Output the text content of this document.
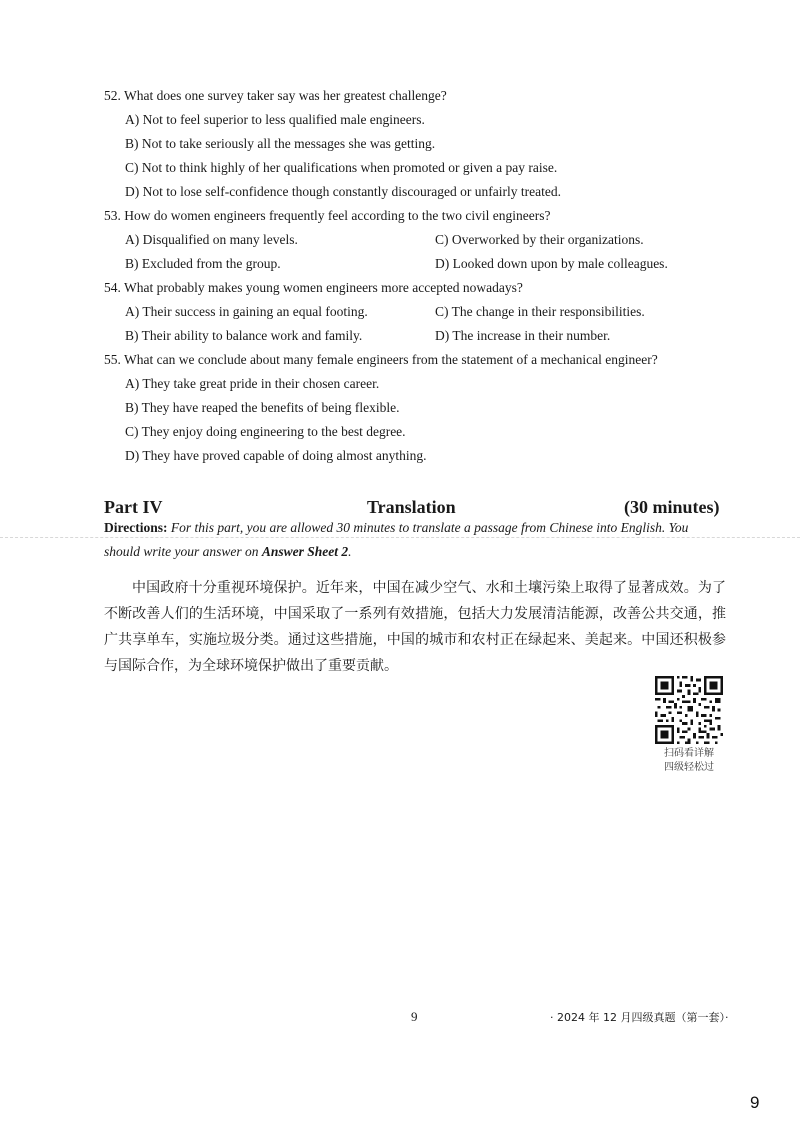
52. What does one survey taker say was her greatest challenge?
A) Not to feel superior to less qualified male engineers.
B) Not to take seriously all the messages she was getting.
C) Not to think highly of her qualifications when promoted or given a pay raise.
D) Not to lose self-confidence though constantly discouraged or unfairly treated.
53. How do women engineers frequently feel according to the two civil engineers?
A) Disqualified on many levels.	C) Overworked by their organizations.
B) Excluded from the group.	D) Looked down upon by male colleagues.
54. What probably makes young women engineers more accepted nowadays?
A) Their success in gaining an equal footing.	C) The change in their responsibilities.
B) Their ability to balance work and family.	D) The increase in their number.
55. What can we conclude about many female engineers from the statement of a mechanical engineer?
A) They take great pride in their chosen career.
B) They have reaped the benefits of being flexible.
C) They enjoy doing engineering to the best degree.
D) They have proved capable of doing almost anything.
Part IV	Translation	(30 minutes)
Directions: For this part, you are allowed 30 minutes to translate a passage from Chinese into English. You
should write your answer on Answer Sheet 2.
中国政府十分重视环境保护。近年来，中国在减少空气、水和土壤污染上取得了显著成效。为了不断改善人们的生活环境，中国采取了一系列有效措施，包括大力发展清洁能源，改善公共交通，推广共享单车，实施垃圾分类。通过这些措施，中国的城市和农村正在绿起来、美起来。中国还积极参与国际合作，为全球环境保护做出了重要贡献。
扫码看详解
四级轻松过
9	· 2024 年 12 月四级真题（第一套）·
9
